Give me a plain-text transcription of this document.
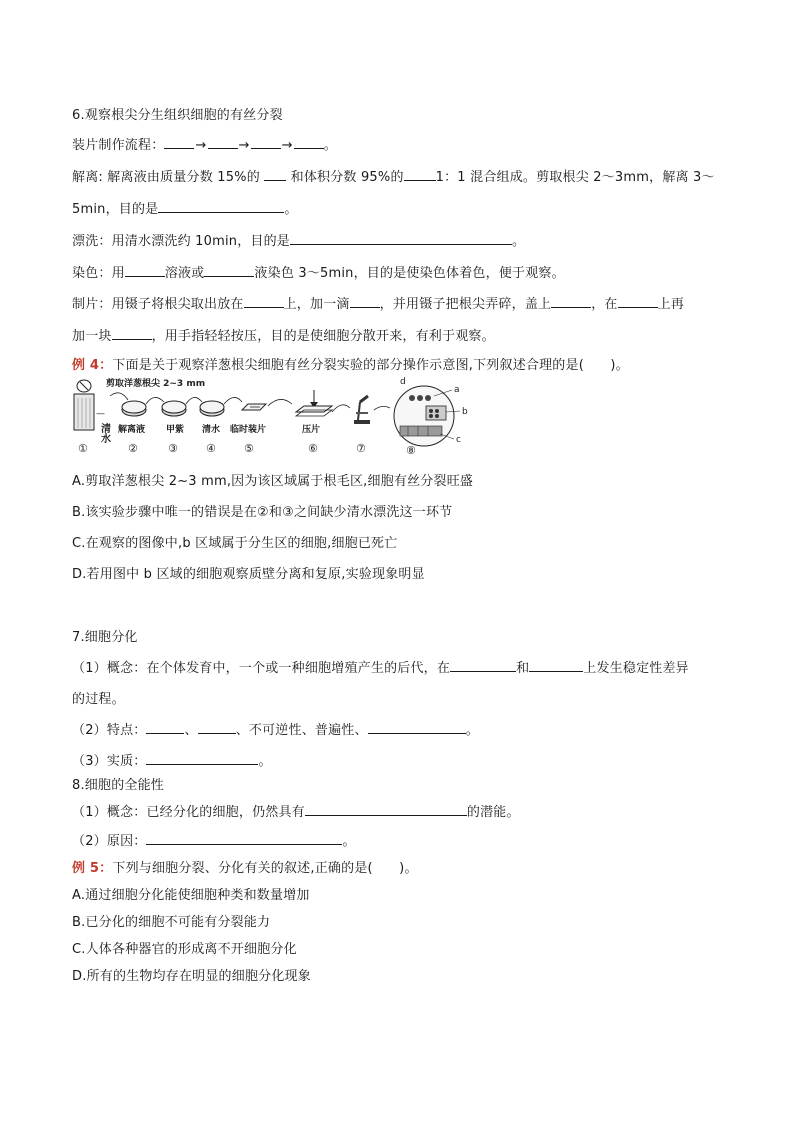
6.观察根尖分生组织细胞的有丝分裂
装片制作流程： → → → 。
解离: 解离液由质量分数 15%的  和体积分数 95%的 1：1 混合组成。剪取根尖 2～3mm，解离 3～
5min，目的是	。
漂洗：用清水漂洗约 10min，目的是	。
染色：用	溶液或	液染色 3～5min，目的是使染色体着色，便于观察。
制片：用镊子将根尖取出放在	上，加一滴 ，并用镊子把根尖弄碎，盖上	，在	上再
加一块	，用手指轻轻按压，目的是使细胞分散开来，有利于观察。
例 4：下面是关于观察洋葱根尖细胞有丝分裂实验的部分操作示意图,下列叙述合理的是(　　)。
—
清水
剪取洋葱根尖 2~3 mm	d
a
b
c
解离液 甲紫 清水 临时装片	压片
①	②	③	④	⑤	⑥	⑦	⑧
A.剪取洋葱根尖 2~3 mm,因为该区域属于根毛区,细胞有丝分裂旺盛
B.该实验步骤中唯一的错误是在②和③之间缺少清水漂洗这一环节
C.在观察的图像中,b 区域属于分生区的细胞,细胞已死亡
D.若用图中 b 区域的细胞观察质壁分离和复原,实验现象明显
7.细胞分化
（1）概念：在个体发育中，一个或一种细胞增殖产生的后代，在	和	上发生稳定性差异
的过程。
（2）特点：	、	、不可逆性、普遍性、	。
（3）实质：	。
8.细胞的全能性
（1）概念：已经分化的细胞，仍然具有	的潜能。
（2）原因：	。
例 5：下列与细胞分裂、分化有关的叙述,正确的是(　　)。
A.通过细胞分化能使细胞种类和数量增加
B.已分化的细胞不可能有分裂能力
C.人体各种器官的形成离不开细胞分化
D.所有的生物均存在明显的细胞分化现象
